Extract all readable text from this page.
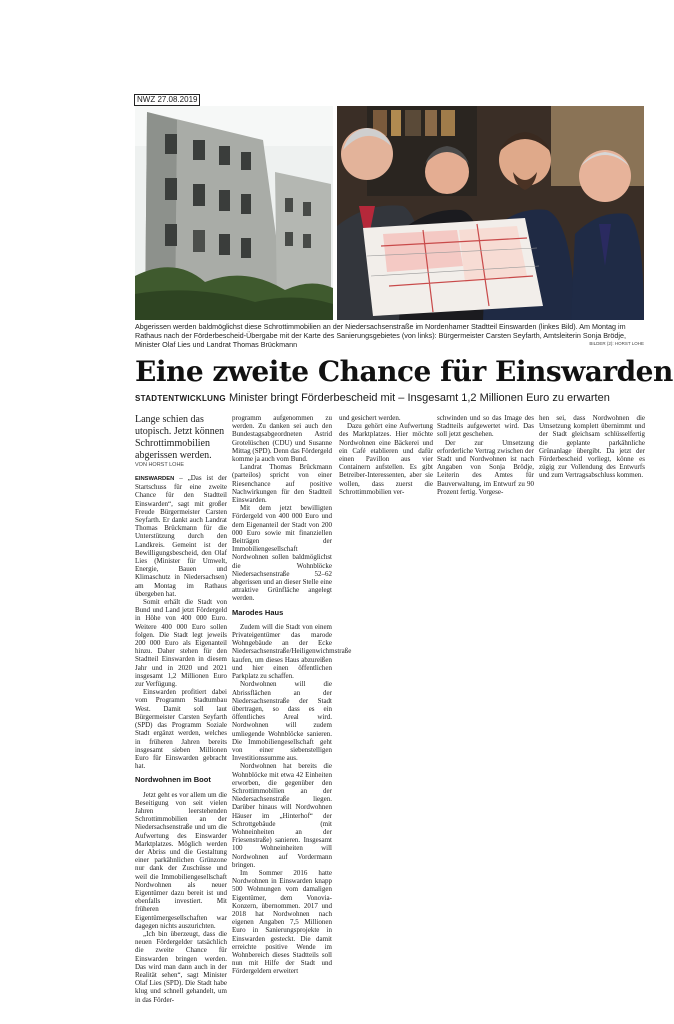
NWZ 27.08.2019
Abgerissen werden baldmöglichst diese Schrottimmobilien an der Niedersachsenstraße im Nordenhamer Stadtteil Einswarden (linkes Bild). Am Montag im Rathaus nach der Förderbescheid-Übergabe mit der Karte des Sanierungsgebietes (von links): Bürgermeister Carsten Seyfarth, Amtsleiterin Sonja Brödje, Minister Olaf Lies und Landrat Thomas Brückmann	BILDER (2): HORST LOHE
Eine zweite Chance für Einswarden
STADTENTWICKLUNG Minister bringt Förderbescheid mit – Insgesamt 1,2 Millionen Euro zu erwarten
Lange schien das utopisch. Jetzt können Schrottimmobilien abgerissen werden.
VON HORST LOHE

EINSWARDEN – „Das ist der Startschuss für eine zweite Chance für den Stadtteil Einswarden“, sagt mit großer Freude Bürgermeister Carsten Seyfarth. Er dankt auch Landrat Thomas Brückmann für die Unterstützung durch den Landkreis. Gemeint ist der Bewilligungsbescheid, den Olaf Lies (Minister für Umwelt, Energie, Bauen und Klimaschutz in Niedersachsen) am Montag im Rathaus übergeben hat.

Somit erhält die Stadt von Bund und Land jetzt Fördergeld in Höhe von 400 000 Euro. Weitere 400 000 Euro sollen folgen. Die Stadt legt jeweils 200 000 Euro als Eigenanteil hinzu. Daher stehen für den Stadtteil Einswarden in diesem Jahr und in 2020 und 2021 insgesamt 1,2 Millionen Euro zur Verfügung.

Einswarden profitiert dabei vom Programm Stadtumbau West. Damit soll laut Bürgermeister Carsten Seyfarth (SPD) das Programm Soziale Stadt ergänzt werden, welches in früheren Jahren bereits insgesamt sieben Millionen Euro für Einswarden gebracht hat.

Nordwohnen im Boot

Jetzt geht es vor allem um die Beseitigung von seit vielen Jahren leerstehenden Schrottimmobilien an der Niedersachsenstraße und um die Aufwertung des Einswarder Marktplatzes. Möglich werden der Abriss und die Gestaltung einer parkähnlichen Grünzone nur dank der Zuschüsse und weil die Immobiliengesellschaft Nordwohnen als neuer Eigentümer dazu bereit ist und ebenfalls investiert. Mit früheren Eigentümergesellschaften war dagegen nichts auszurichten.

„Ich bin überzeugt, dass die neuen Fördergelder tatsächlich die zweite Chance für Einswarden bringen werden. Das wird man dann auch in der Realität sehen“, sagt Minister Olaf Lies (SPD). Die Stadt habe klug und schnell gehandelt, um in das Förder-

programm aufgenommen zu werden. Zu danken sei auch den Bundestagsabgeordneten Astrid Grotelüschen (CDU) und Susanne Mittag (SPD). Denn das Fördergeld komme ja auch vom Bund.

Landrat Thomas Brückmann (parteilos) spricht von einer Riesenchance auf positive Nachwirkungen für den Stadtteil Einswarden.

Mit dem jetzt bewilligten Fördergeld von 400 000 Euro und dem Eigenanteil der Stadt von 200 000 Euro sowie mit finanziellen Beiträgen der Immobiliengesellschaft Nordwohnen sollen baldmöglichst die Wohnblöcke Niedersachsenstraße 52–62 abgerissen und an dieser Stelle eine attraktive Grünfläche angelegt werden.

Marodes Haus

Zudem will die Stadt von einem Privateigentümer das marode Wohngebäude an der Ecke Niedersachsenstraße/Heiligenwichmstraße kaufen, um dieses Haus abzureißen und hier einen öffentlichen Parkplatz zu schaffen.

Nordwohnen will die Abrissflächen an der Niedersachsenstraße der Stadt übertragen, so dass es ein öffentliches Areal wird. Nordwohnen will zudem umliegende Wohnblöcke sanieren. Die Immobiliengesellschaft geht von einer siebenstelligen Investitionssumme aus.

Nordwohnen hat bereits die Wohnblöcke mit etwa 42 Einheiten erworben, die gegenüber den Schrottimmobilien an der Niedersachsenstraße liegen. Darüber hinaus will Nordwohnen Häuser im „Hinterhof“ der Schrottgebäude (mit Wohneinheiten an der Friesenstraße) sanieren. Insgesamt 100 Wohneinheiten will Nordwohnen auf Vordermann bringen.

Im Sommer 2016 hatte Nordwohnen in Einswarden knapp 500 Wohnungen vom damaligen Eigentümer, dem Vonovia-Konzern, übernommen. 2017 und 2018 hat Nordwohnen nach eigenen Angaben 7,5 Millionen Euro in Sanierungsprojekte in Einswarden gesteckt. Die damit erreichte positive Wende im Wohnbereich dieses Stadtteils soll nun mit Hilfe der Stadt und Fördergeldern erweitert

und gesichert werden.

Dazu gehört eine Aufwertung des Marktplatzes. Hier möchte Nordwohnen eine Bäckerei und ein Café etablieren und dafür einen Pavillon aus vier Containern aufstellen. Es gibt Betreiber-Interessenten, aber sie wollen, dass zuerst die Schrottimmobilien ver-

schwinden und so das Image des Stadtteils aufgewertet wird. Das soll jetzt geschehen.

Der zur Umsetzung erforderliche Vertrag zwischen der Stadt und Nordwohnen ist nach Angaben von Sonja Brödje, Leiterin des Amtes für Bauverwaltung, im Entwurf zu 90 Prozent fertig. Vorgese-

hen sei, dass Nordwohnen die Umsetzung komplett übernimmt und der Stadt gleichsam schlüsselfertig die geplante parkähnliche Grünanlage übergibt. Da jetzt der Förderbescheid vorliegt, könne es zügig zur Vollendung des Entwurfs und zum Vertragsabschluss kommen.
